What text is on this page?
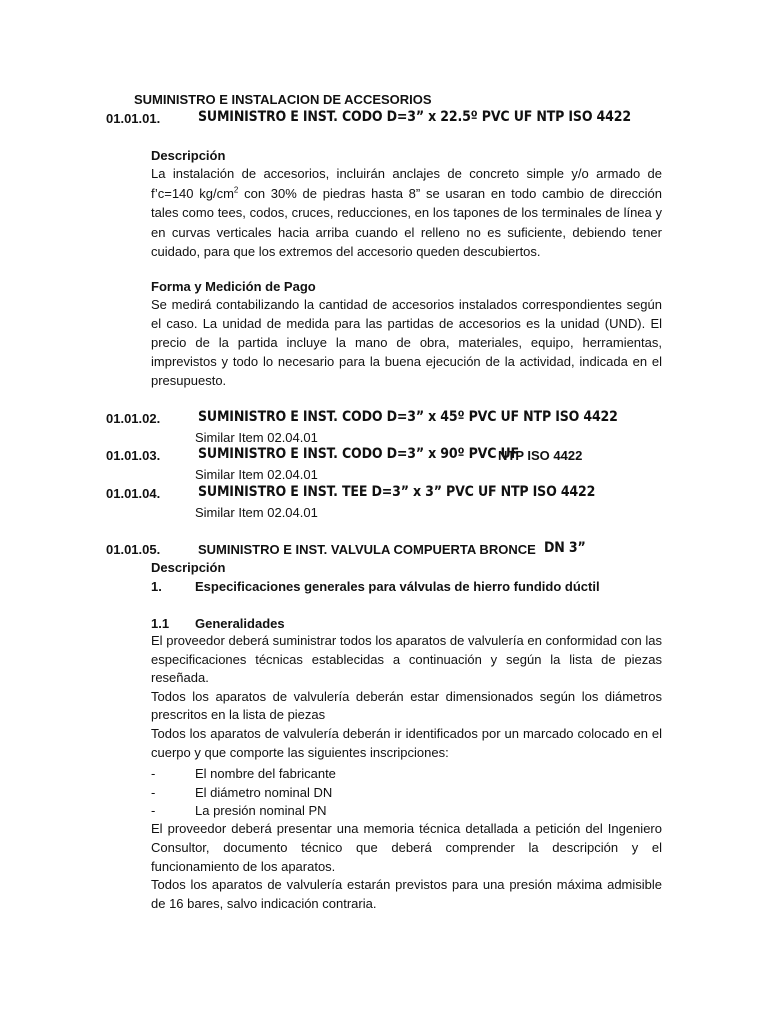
SUMINISTRO E INSTALACION DE ACCESORIOS
01.01.01.	SUMINISTRO E INST. CODO D=3” x 22.5º PVC UF NTP ISO 4422
Descripción

La instalación de accesorios, incluirán anclajes de concreto simple y/o armado de f’c=140 $kg/cm^2$ con 30% de piedras hasta 8” se usaran en todo cambio de dirección tales como tees, codos, cruces, reducciones, en los tapones de los terminales de línea y en curvas verticales hacia arriba cuando el relleno no es suficiente, debiendo tener cuidado, para que los extremos del accesorio queden descubiertos.

Forma y Medición de Pago

Se medirá contabilizando la cantidad de accesorios instalados correspondientes según el caso. La unidad de medida para las partidas de accesorios es la unidad (UND). El precio de la partida incluye la mano de obra, materiales, equipo, herramientas, imprevistos y todo lo necesario para la buena ejecución de la actividad, indicada en el presupuesto.

01.01.02.	SUMINISTRO E INST. CODO D=3” x 45º PVC UF NTP ISO 4422
Similar Item 02.04.01
01.01.03.	SUMINISTRO E INST. CODO D=3” x 90º PVC UF
NTP ISO 4422
Similar Item 02.04.01
01.01.04.	SUMINISTRO E INST. TEE D=3” x 3” PVC UF NTP ISO 4422
Similar Item 02.04.01
01.01.05.	SUMINISTRO E INST. VALVULA COMPUERTA BRONCE DN 3”
Descripción
1.	Especificaciones generales para válvulas de hierro fundido dúctil
1.1 Generalidades

El proveedor deberá suministrar todos los aparatos de valvulería en conformidad con las especificaciones técnicas establecidas a continuación y según la lista de piezas reseñada.

Todos los aparatos de valvulería deberán estar dimensionados según los diámetros prescritos en la lista de piezas

Todos los aparatos de valvulería deberán ir identificados por un marcado colocado en el cuerpo y que comporte las siguientes inscripciones:

-	El nombre del fabricante
-	El diámetro nominal DN
-	La presión nominal PN

El proveedor deberá presentar una memoria técnica detallada a petición del Ingeniero Consultor, documento técnico que deberá comprender la descripción y el funcionamiento de los aparatos.

Todos los aparatos de valvulería estarán previstos para una presión máxima admisible de 16 bares, salvo indicación contraria.
